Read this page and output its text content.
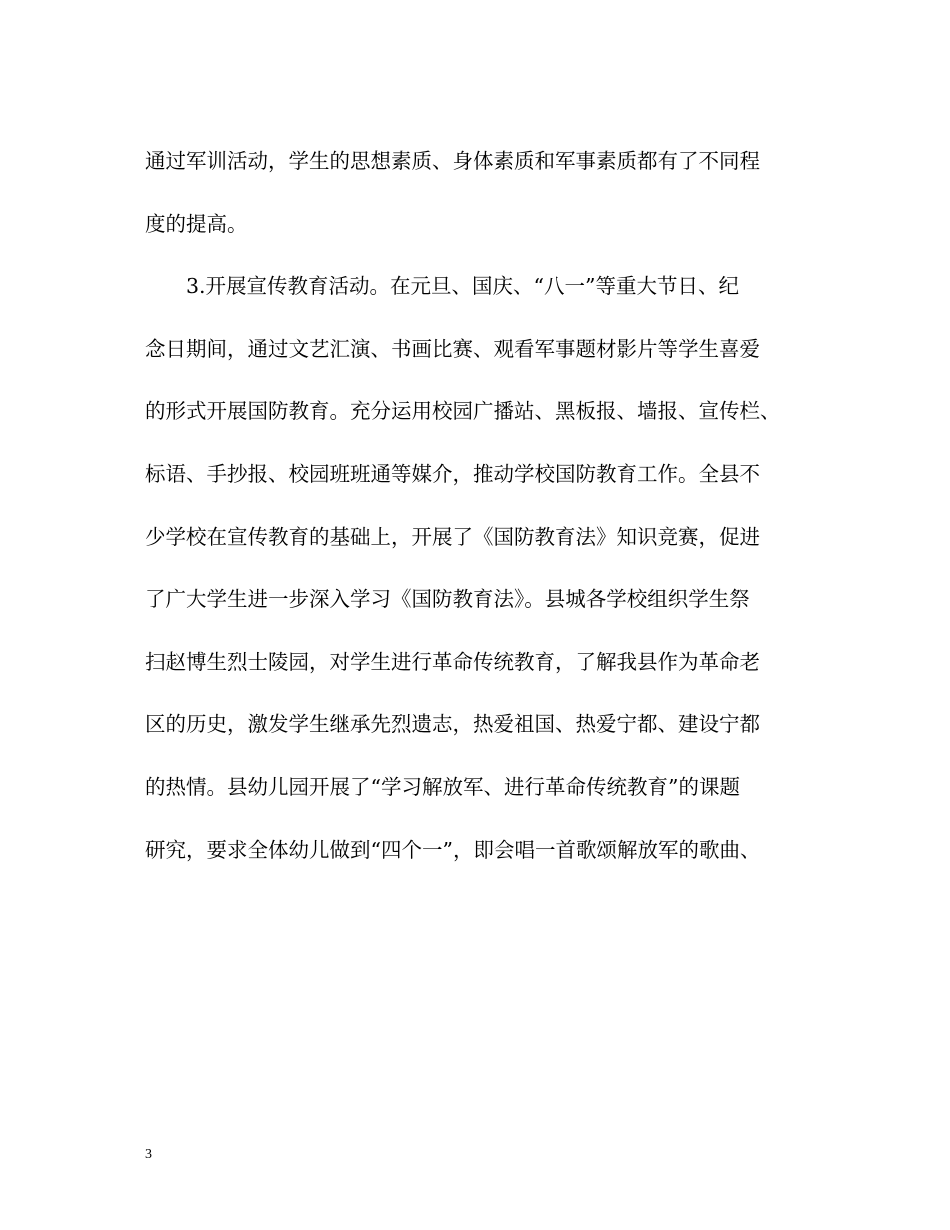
通过军训活动，学生的思想素质、身体素质和军事素质都有了不同程
度的提高。
3.开展宣传教育活动。在元旦、国庆、“八一”等重大节日、纪
念日期间，通过文艺汇演、书画比赛、观看军事题材影片等学生喜爱
的形式开展国防教育。充分运用校园广播站、黑板报、墙报、宣传栏、
标语、手抄报、校园班班通等媒介，推动学校国防教育工作。全县不
少学校在宣传教育的基础上，开展了《国防教育法》知识竞赛，促进
了广大学生进一步深入学习《国防教育法》。县城各学校组织学生祭
扫赵博生烈士陵园，对学生进行革命传统教育，了解我县作为革命老
区的历史，激发学生继承先烈遗志，热爱祖国、热爱宁都、建设宁都
的热情。县幼儿园开展了“学习解放军、进行革命传统教育”的课题
研究，要求全体幼儿做到“四个一”，即会唱一首歌颂解放军的歌曲、
3
